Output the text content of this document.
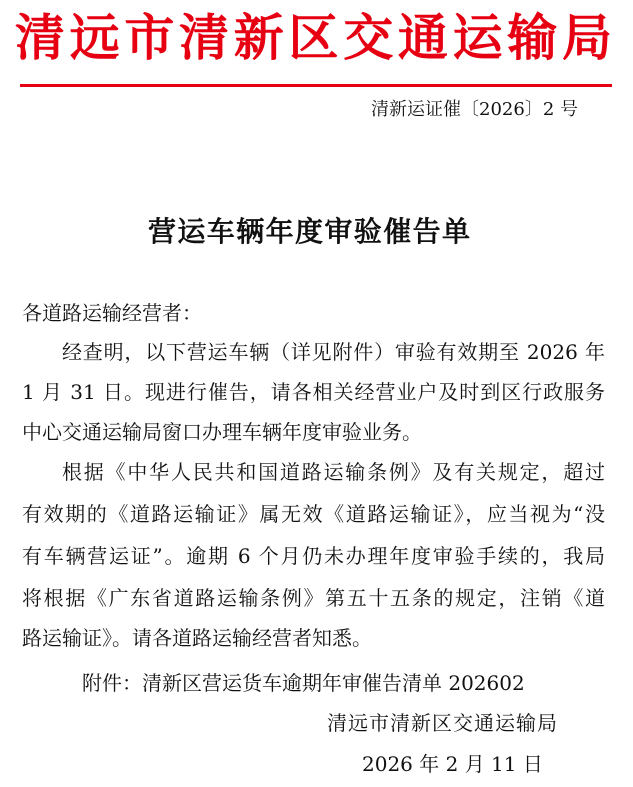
清远市清新区交通运输局
清新运证催〔2026〕2 号
营运车辆年度审验催告单
各道路运输经营者：
经查明，以下营运车辆（详见附件）审验有效期至 2026 年
1 月 31 日。现进行催告，请各相关经营业户及时到区行政服务
中心交通运输局窗口办理车辆年度审验业务。
根据《中华人民共和国道路运输条例》及有关规定，超过
有效期的《道路运输证》属无效《道路运输证》，应当视为“没
有车辆营运证”。逾期 6 个月仍未办理年度审验手续的，我局
将根据《广东省道路运输条例》第五十五条的规定，注销《道
路运输证》。请各道路运输经营者知悉。
附件：清新区营运货车逾期年审催告清单 202602
清远市清新区交通运输局
2026 年 2 月 11 日
